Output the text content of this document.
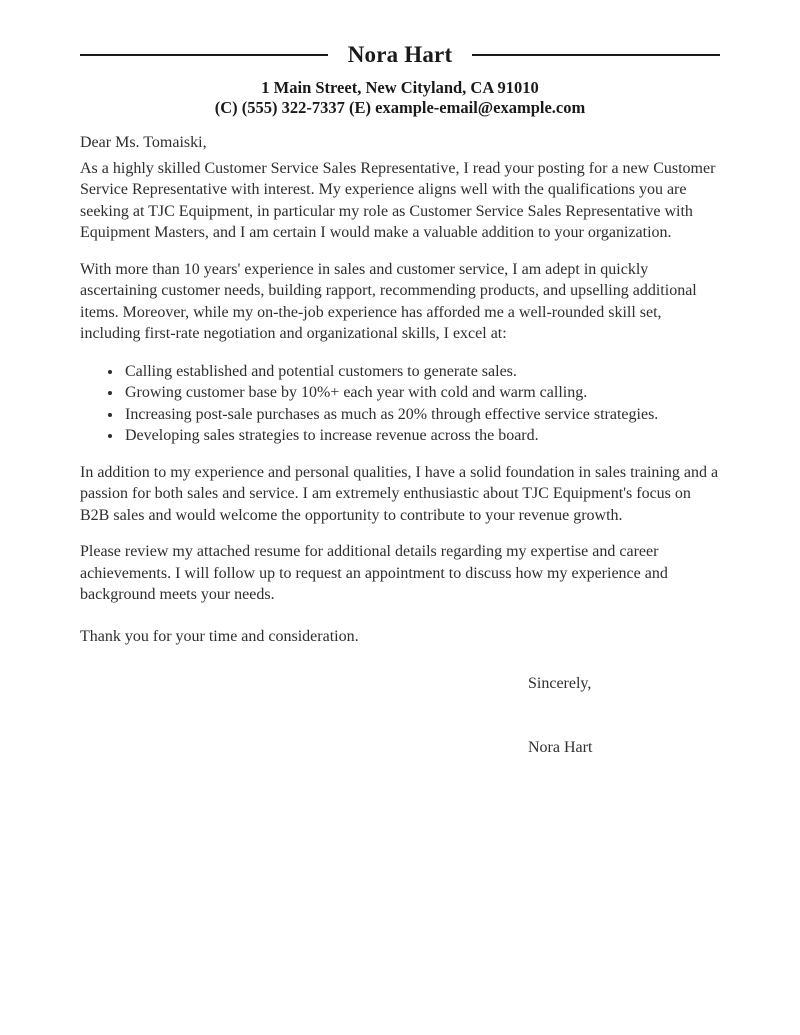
Nora Hart
1 Main Street, New Cityland, CA 91010
(C) (555) 322-7337 (E) example-email@example.com
Dear Ms. Tomaiski,

As a highly skilled Customer Service Sales Representative, I read your posting for a new Customer Service Representative with interest. My experience aligns well with the qualifications you are seeking at TJC Equipment, in particular my role as Customer Service Sales Representative with Equipment Masters, and I am certain I would make a valuable addition to your organization.

With more than 10 years' experience in sales and customer service, I am adept in quickly ascertaining customer needs, building rapport, recommending products, and upselling additional items. Moreover, while my on-the-job experience has afforded me a well-rounded skill set, including first-rate negotiation and organizational skills, I excel at:

• Calling established and potential customers to generate sales.
• Growing customer base by 10%+ each year with cold and warm calling.
• Increasing post-sale purchases as much as 20% through effective service strategies.
• Developing sales strategies to increase revenue across the board.

In addition to my experience and personal qualities, I have a solid foundation in sales training and a passion for both sales and service. I am extremely enthusiastic about TJC Equipment's focus on B2B sales and would welcome the opportunity to contribute to your revenue growth.

Please review my attached resume for additional details regarding my expertise and career achievements. I will follow up to request an appointment to discuss how my experience and background meets your needs.

Thank you for your time and consideration.

Sincerely,
Nora Hart
